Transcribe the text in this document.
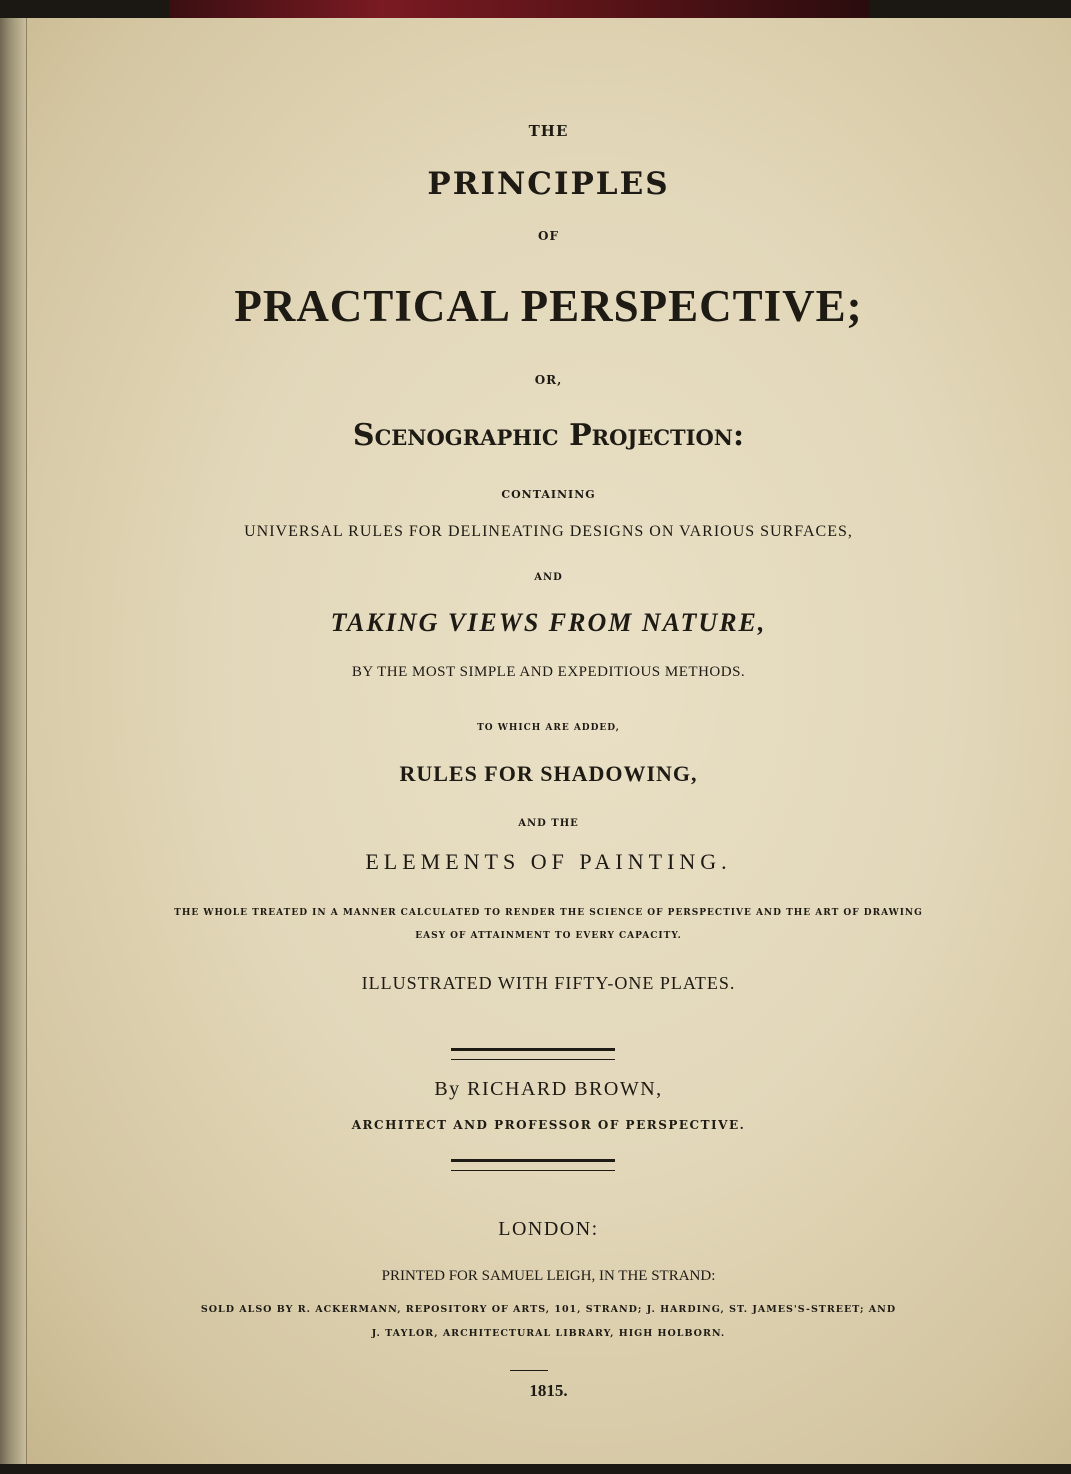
THE

PRINCIPLES

OF

PRACTICAL PERSPECTIVE;

OR,

Scenographic Projection:

CONTAINING

UNIVERSAL RULES FOR DELINEATING DESIGNS ON VARIOUS SURFACES,

AND

TAKING VIEWS FROM NATURE,

BY THE MOST SIMPLE AND EXPEDITIOUS METHODS.

TO WHICH ARE ADDED,

RULES FOR SHADOWING,

AND THE

ELEMENTS OF PAINTING.

THE WHOLE TREATED IN A MANNER CALCULATED TO RENDER THE SCIENCE OF PERSPECTIVE AND THE ART OF DRAWING

EASY OF ATTAINMENT TO EVERY CAPACITY.

ILLUSTRATED WITH FIFTY-ONE PLATES.

By RICHARD BROWN,

ARCHITECT AND PROFESSOR OF PERSPECTIVE.

LONDON:

PRINTED FOR SAMUEL LEIGH, IN THE STRAND:

SOLD ALSO BY R. ACKERMANN, REPOSITORY OF ARTS, 101, STRAND; J. HARDING, ST. JAMES'S-STREET; AND

J. TAYLOR, ARCHITECTURAL LIBRARY, HIGH HOLBORN.

1815.
